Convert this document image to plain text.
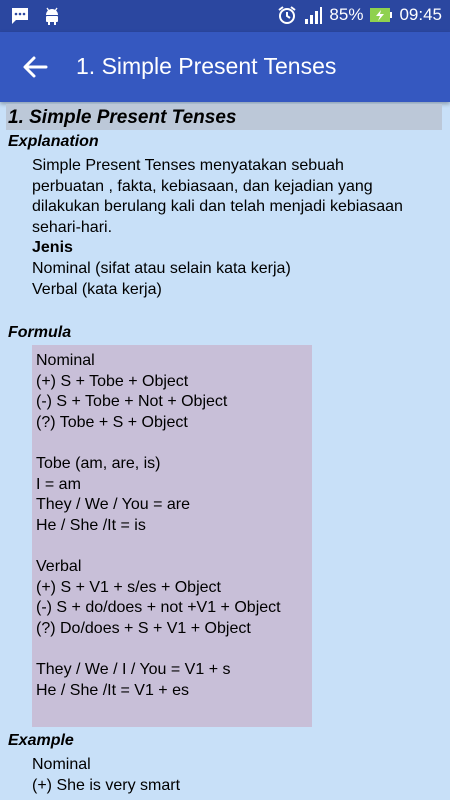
85% 09:45
1. Simple Present Tenses
1. Simple Present Tenses
Explanation
Simple Present Tenses menyatakan sebuah
perbuatan , fakta, kebiasaan, dan kejadian yang
dilakukan berulang kali dan telah menjadi kebiasaan
sehari-hari.
Jenis
Nominal (sifat atau selain kata kerja)
Verbal (kata kerja)
Formula
Nominal
(+) S + Tobe + Object
(-) S + Tobe + Not + Object
(?) Tobe + S + Object
Tobe (am, are, is)
I = am
They / We / You = are
He / She /It = is
Verbal
(+) S + V1 + s/es + Object
(-) S + do/does + not +V1 + Object
(?) Do/does + S + V1 + Object
They / We / I / You = V1 + s
He / She /It = V1 + es
Example
Nominal
(+) She is very smart
